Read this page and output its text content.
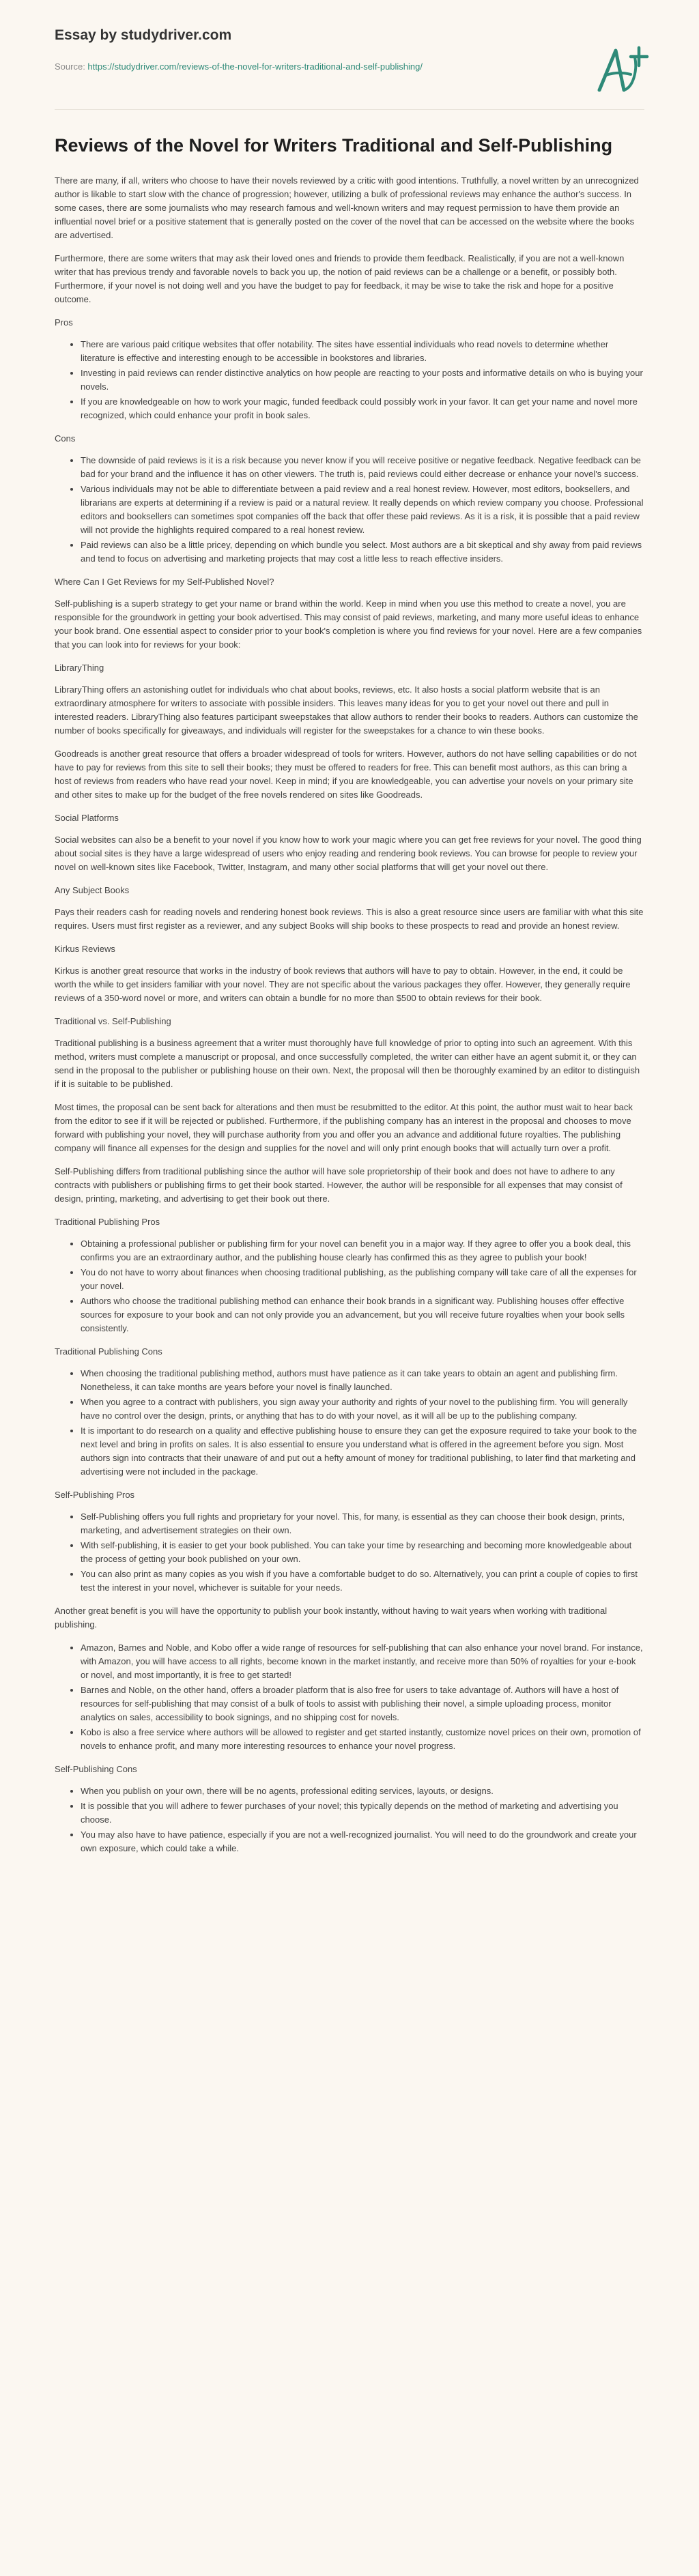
Essay by studydriver.com
Source: https://studydriver.com/reviews-of-the-novel-for-writers-traditional-and-self-publishing/
Reviews of the Novel for Writers Traditional and Self-Publishing

There are many, if all, writers who choose to have their novels reviewed by a critic with good intentions. Truthfully, a novel written by an unrecognized author is likable to start slow with the chance of progression; however, utilizing a bulk of professional reviews may enhance the author's success. In some cases, there are some journalists who may research famous and well-known writers and may request permission to have them provide an influential novel brief or a positive statement that is generally posted on the cover of the novel that can be accessed on the website where the books are advertised.

Furthermore, there are some writers that may ask their loved ones and friends to provide them feedback. Realistically, if you are not a well-known writer that has previous trendy and favorable novels to back you up, the notion of paid reviews can be a challenge or a benefit, or possibly both. Furthermore, if your novel is not doing well and you have the budget to pay for feedback, it may be wise to take the risk and hope for a positive outcome.

Pros
• There are various paid critique websites that offer notability. The sites have essential individuals who read novels to determine whether literature is effective and interesting enough to be accessible in bookstores and libraries.
• Investing in paid reviews can render distinctive analytics on how people are reacting to your posts and informative details on who is buying your novels.
• If you are knowledgeable on how to work your magic, funded feedback could possibly work in your favor. It can get your name and novel more recognized, which could enhance your profit in book sales.
Cons
• The downside of paid reviews is it is a risk because you never know if you will receive positive or negative feedback. Negative feedback can be bad for your brand and the influence it has on other viewers. The truth is, paid reviews could either decrease or enhance your novel's success.
• Various individuals may not be able to differentiate between a paid review and a real honest review. However, most editors, booksellers, and librarians are experts at determining if a review is paid or a natural review. It really depends on which review company you choose. Professional editors and booksellers can sometimes spot companies off the back that offer these paid reviews. As it is a risk, it is possible that a paid review will not provide the highlights required compared to a real honest review.
• Paid reviews can also be a little pricey, depending on which bundle you select. Most authors are a bit skeptical and shy away from paid reviews and tend to focus on advertising and marketing projects that may cost a little less to reach effective insiders.
Where Can I Get Reviews for my Self-Published Novel?

Self-publishing is a superb strategy to get your name or brand within the world. Keep in mind when you use this method to create a novel, you are responsible for the groundwork in getting your book advertised. This may consist of paid reviews, marketing, and many more useful ideas to enhance your book brand. One essential aspect to consider prior to your book's completion is where you find reviews for your novel. Here are a few companies that you can look into for reviews for your book:

LibraryThing

LibraryThing offers an astonishing outlet for individuals who chat about books, reviews, etc. It also hosts a social platform website that is an extraordinary atmosphere for writers to associate with possible insiders. This leaves many ideas for you to get your novel out there and pull in interested readers. LibraryThing also features participant sweepstakes that allow authors to render their books to readers. Authors can customize the number of books specifically for giveaways, and individuals will register for the sweepstakes for a chance to win these books.

Goodreads is another great resource that offers a broader widespread of tools for writers. However, authors do not have selling capabilities or do not have to pay for reviews from this site to sell their books; they must be offered to readers for free. This can benefit most authors, as this can bring a host of reviews from readers who have read your novel. Keep in mind; if you are knowledgeable, you can advertise your novels on your primary site and other sites to make up for the budget of the free novels rendered on sites like Goodreads.

Social Platforms

Social websites can also be a benefit to your novel if you know how to work your magic where you can get free reviews for your novel. The good thing about social sites is they have a large widespread of users who enjoy reading and rendering book reviews. You can browse for people to review your novel on well-known sites like Facebook, Twitter, Instagram, and many other social platforms that will get your novel out there.

Any Subject Books

Pays their readers cash for reading novels and rendering honest book reviews. This is also a great resource since users are familiar with what this site requires. Users must first register as a reviewer, and any subject Books will ship books to these prospects to read and provide an honest review.

Kirkus Reviews

Kirkus is another great resource that works in the industry of book reviews that authors will have to pay to obtain. However, in the end, it could be worth the while to get insiders familiar with your novel. They are not specific about the various packages they offer. However, they generally require reviews of a 350-word novel or more, and writers can obtain a bundle for no more than $500 to obtain reviews for their book.

Traditional vs. Self-Publishing

Traditional publishing is a business agreement that a writer must thoroughly have full knowledge of prior to opting into such an agreement. With this method, writers must complete a manuscript or proposal, and once successfully completed, the writer can either have an agent submit it, or they can send in the proposal to the publisher or publishing house on their own. Next, the proposal will then be thoroughly examined by an editor to distinguish if it is suitable to be published.

Most times, the proposal can be sent back for alterations and then must be resubmitted to the editor. At this point, the author must wait to hear back from the editor to see if it will be rejected or published. Furthermore, if the publishing company has an interest in the proposal and chooses to move forward with publishing your novel, they will purchase authority from you and offer you an advance and additional future royalties. The publishing company will finance all expenses for the design and supplies for the novel and will only print enough books that will actually turn over a profit.

Self-Publishing differs from traditional publishing since the author will have sole proprietorship of their book and does not have to adhere to any contracts with publishers or publishing firms to get their book started. However, the author will be responsible for all expenses that may consist of design, printing, marketing, and advertising to get their book out there.

Traditional Publishing Pros
• Obtaining a professional publisher or publishing firm for your novel can benefit you in a major way. If they agree to offer you a book deal, this confirms you are an extraordinary author, and the publishing house clearly has confirmed this as they agree to publish your book!
• You do not have to worry about finances when choosing traditional publishing, as the publishing company will take care of all the expenses for your novel.
• Authors who choose the traditional publishing method can enhance their book brands in a significant way. Publishing houses offer effective sources for exposure to your book and can not only provide you an advancement, but you will receive future royalties when your book sells consistently.
Traditional Publishing Cons
• When choosing the traditional publishing method, authors must have patience as it can take years to obtain an agent and publishing firm. Nonetheless, it can take months are years before your novel is finally launched.
• When you agree to a contract with publishers, you sign away your authority and rights of your novel to the publishing firm. You will generally have no control over the design, prints, or anything that has to do with your novel, as it will all be up to the publishing company.
• It is important to do research on a quality and effective publishing house to ensure they can get the exposure required to take your book to the next level and bring in profits on sales. It is also essential to ensure you understand what is offered in the agreement before you sign. Most authors sign into contracts that their unaware of and put out a hefty amount of money for traditional publishing, to later find that marketing and advertising were not included in the package.
Self-Publishing Pros
• Self-Publishing offers you full rights and proprietary for your novel. This, for many, is essential as they can choose their book design, prints, marketing, and advertisement strategies on their own.
• With self-publishing, it is easier to get your book published. You can take your time by researching and becoming more knowledgeable about the process of getting your book published on your own.
• You can also print as many copies as you wish if you have a comfortable budget to do so. Alternatively, you can print a couple of copies to first test the interest in your novel, whichever is suitable for your needs.

Another great benefit is you will have the opportunity to publish your book instantly, without having to wait years when working with traditional publishing.

• Amazon, Barnes and Noble, and Kobo offer a wide range of resources for self-publishing that can also enhance your novel brand. For instance, with Amazon, you will have access to all rights, become known in the market instantly, and receive more than 50% of royalties for your e-book or novel, and most importantly, it is free to get started!
• Barnes and Noble, on the other hand, offers a broader platform that is also free for users to take advantage of. Authors will have a host of resources for self-publishing that may consist of a bulk of tools to assist with publishing their novel, a simple uploading process, monitor analytics on sales, accessibility to book signings, and no shipping cost for novels.
• Kobo is also a free service where authors will be allowed to register and get started instantly, customize novel prices on their own, promotion of novels to enhance profit, and many more interesting resources to enhance your novel progress.
Self-Publishing Cons
• When you publish on your own, there will be no agents, professional editing services, layouts, or designs.
• It is possible that you will adhere to fewer purchases of your novel; this typically depends on the method of marketing and advertising you choose.
• You may also have to have patience, especially if you are not a well-recognized journalist. You will need to do the groundwork and create your own exposure, which could take a while.
